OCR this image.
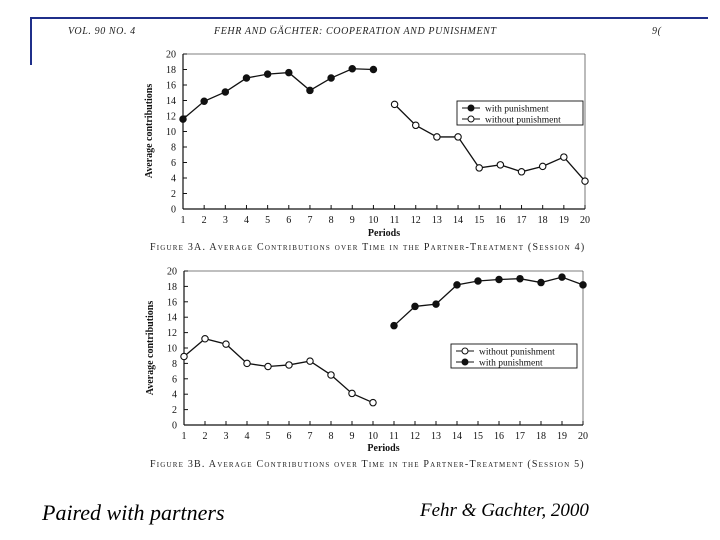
VOL. 90 NO. 4	FEHR AND GÄCHTER: COOPERATION AND PUNISHMENT	9(
0
2
4
6
8
10
12
14
16
18
20
1 2 3 4 5 6 7 8 9 10 11 12 13 14 15 16 17 18 19 20
Periods
Average contributions	with punishment
without punishment
0
2
4
6
8
10
12
14
16
18
20
1 2 3 4 5 6 7 8 9 10 11 12 13 14 15 16 17 18 19 20
Periods
Average contributions	without punishment
with punishment
Figure 3A. Average Contributions over Time in the Partner-Treatment (Session 4)
Figure 3B. Average Contributions over Time in the Partner-Treatment (Session 5)
Paired with partners	Fehr & Gachter, 2000
